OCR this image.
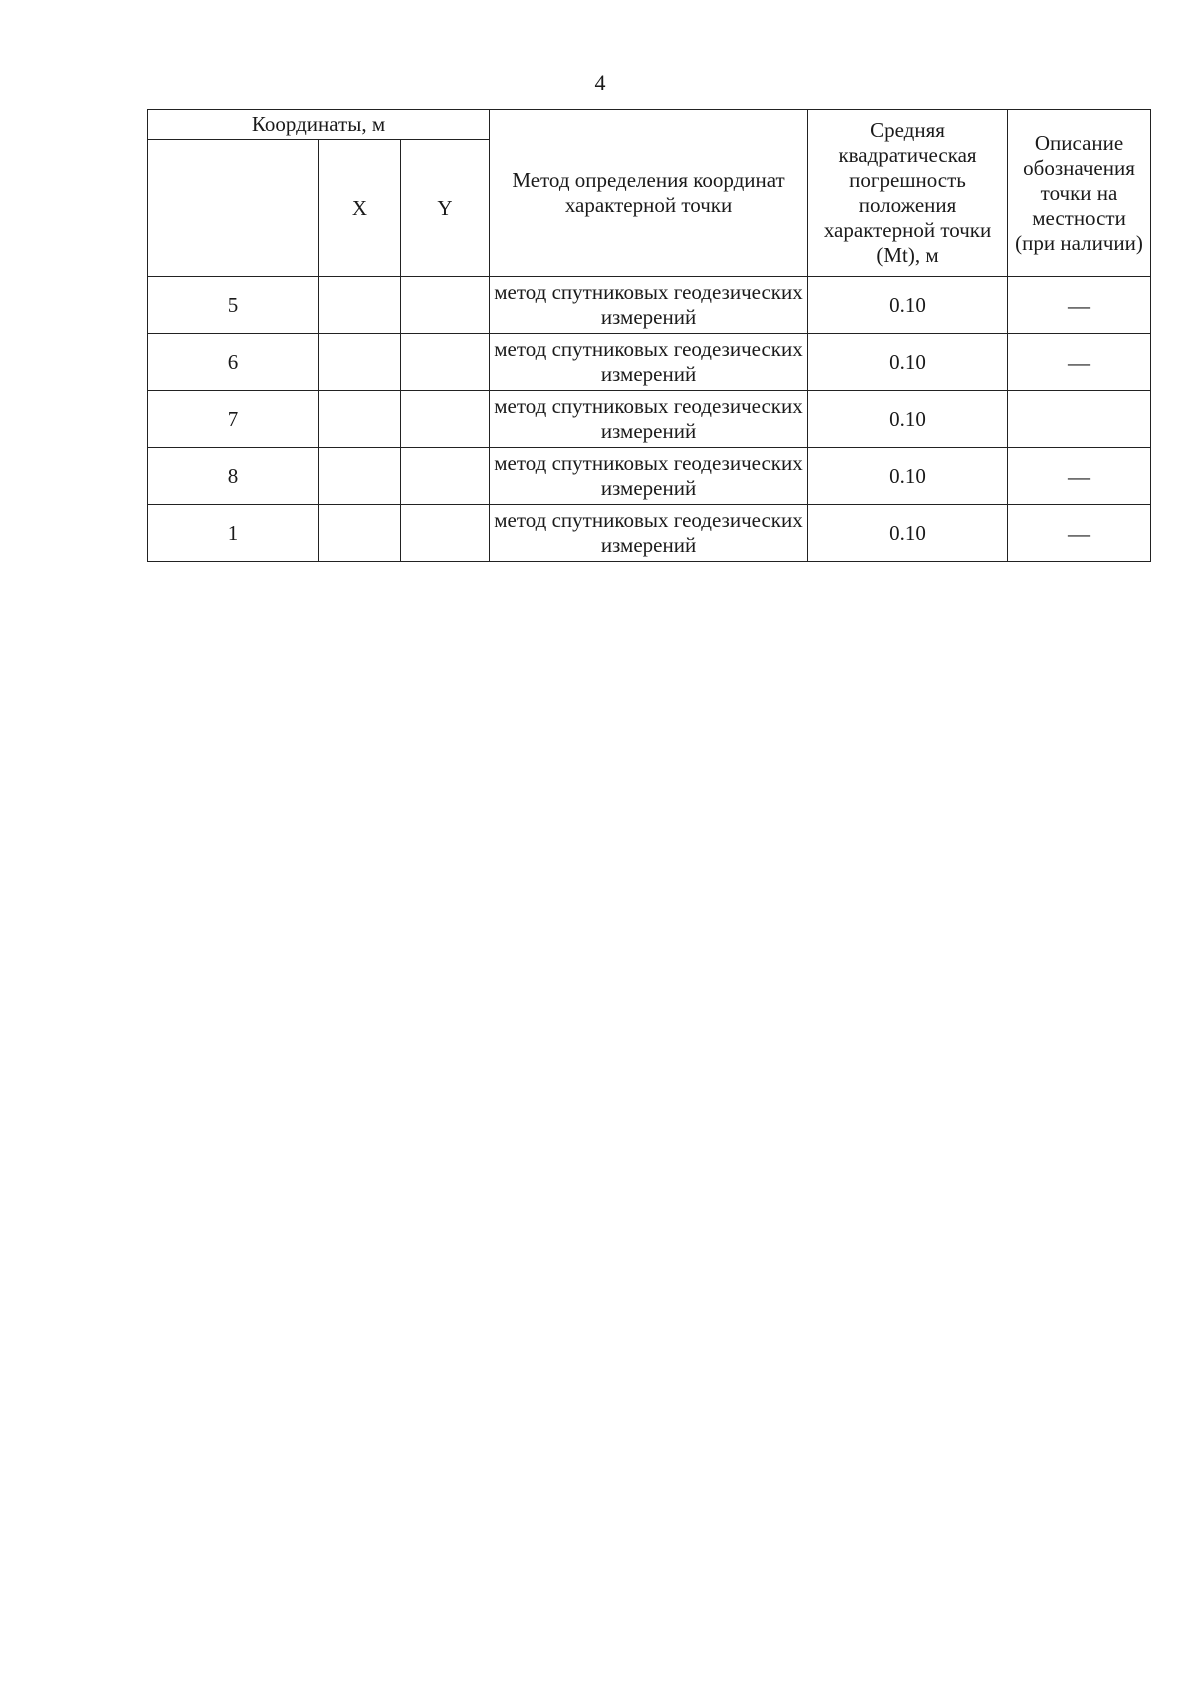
4
Координаты, м			Метод определения координат характерной точки	Средняя квадратическая погрешность положения характерной точки (Mt), м	Описание обозначения точки на местности (при наличии)
	X	Y			
5			метод спутниковых геодезических измерений	0.10	—
6			метод спутниковых геодезических измерений	0.10	—
7			метод спутниковых геодезических измерений	0.10	
8			метод спутниковых геодезических измерений	0.10	—
1			метод спутниковых геодезических измерений	0.10	—
